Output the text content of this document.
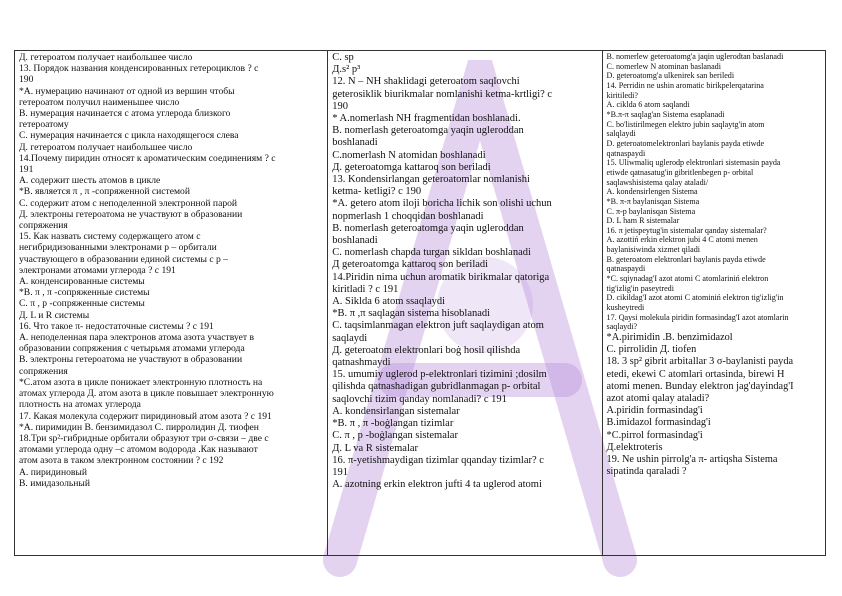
Д. гетероатом получает наибольшее число
13. Порядок названия конденсированных гетероциклов ? с
190
*А. нумерацию начинают от одной из вершин чтобы
гетероатом получил наименьшее число
В. нумерация начинается с атома углерода близкого
гетероатому
С. нумерация начинается с цикла находящегося слева
Д. гетероатом получает наибольшее число
14.Почему пиридин относят к ароматическим соединениям ? с
191
А. содержит шесть атомов в цикле
*В. является π , π -сопряженной системой
С. содержит атом с неподеленной электронной парой
Д. электроны гетероатома не участвуют в образовании
сопряжения
15. Как назвать систему содержащего атом с
негибридизованными электронами р – орбитали
участвующего в образовании единой системы с р –
электронами атомами углерода ? с 191
А. конденсированные системы
*В. π , π -сопряженные системы
С. π , р -сопряженные системы
Д. L и R системы
16. Что такое π- недостаточные системы ? с 191
А. неподеленная пара электронов атома азота участвует в
образовании сопряжения с четырьмя атомами углерода
В. электроны гетероатома не участвуют в образовании
сопряжения
*С.атом азота в цикле понижает электронную плотность на
атомах углерода Д. атом азота в цикле повышает электронную
плотность на атомах углерода
17. Какая молекула содержит пиридиновый атом азота ? с 191
*А. пиримидин В. бензимидазол С. пирролидин Д. тиофен
18.Три sp²-гибридные орбитали образуют три σ-связи – две с
атомами углерода одну –с атомом водорода .Как называют
атом азота в таком электронном состоянии ? с 192
А. пиридиновый
В. имидазольный
C. sp
Д.s² p³
12. N – NH shaklidagi geteroatom saqlovchi
geterosiklik biurikmalar nomlanishi ketma-krtligi? c
190
* A.nomerlash NH fragmentidan boshlanadi.
B. nomerlash geteroatomga yaqin uglerоddan
boshlanadi
C.nomerlash N atomidan boshlanadi
Д. geteroatomga kattaroq son beriladi
13. Kondensirlangan geteroatomlar nomlanishi
ketma- ketligi? c 190
*A. getero atom iloji boricha lichik son olishi uchun
nopmerlash 1 choqqidan boshlanadi
B. nomerlash geteroatomga yaqin uglerоddan
boshlanadi
C. nomerlash chapda turgan sikldan boshlanadi
Д geteroatomga kattaroq son beriladi
14.Piridin nima uchun aromatik birikmalar qatoriga
kiritladi ? c 191
A. Siklda 6 atom ssaqlaydi
*B. π ,π saqlagan sistema hisoblanadi
C. taqsimlanmagan elektron juft saqlaydigan atom
saqlaydi
Д. geteroatom elektronlari boġ hosil qilishda
qatnashmaydi
15. umumiy uglerod p-elektronlari tizimini ;dosilm
qilishda qatnashadigan gubridlanmagan p- orbital
saqlovchi tizim qanday nomlanadi? c 191
A. kondensirlangan sistemalar
*B. π , π -boġlangan tizimlar
C. π , p -boġlangan sistemalar
Д. L va R sistemalar
16. π-yetishmaydigan tizimlar qqanday tizimlar? c
191
A. azotning erkin elektron jufti 4 ta uglerod atomi
B. nomerlew geteroatomg'a jaqin uglerodtan baslanadi
C. nomerlew N atominan baslanadi
D. geteroatomg'a ulkenirek san beriledi
14. Perridin ne ushin aromatic birikpelerqatarina
kiritiledi?
A. ciklda 6 atom saqlandi
*B.π-π saqlag'an Sistema esaplanadi
C. bo'listirilmegen elektro jubin saqlaytg'in atom
salqlaydi
D. geteroatomelektronlari baylanis payda etiwde
qatnaspaydi
15. Uliwmaliq uglerodp elektronlari sistemasin payda
etiwde qatnasatug'in gibritlenbegen p- orbital
saqlawshisistema qalay ataladi/
A. kondensirlengen Sistema
*B. π-π baylanisqan Sistema
C. π-p baylanisqan Sistema
D. L ham R sistemalar
16. π jetispeytug'in sistemalar qanday sistemalar?
A. azottiń erkin elektron jubi 4 C atomi menen
baylanisiwinda xizmet qiladi
B. geteroatom elektronlari baylanis payda etiwde
qatnaspaydi
*C. sqiynadag'I azot atomi C atomlariniń elektron
tig'izlig'in paseytredi
D. cikildag'I azot atomi C atominiń elektron tig'izlig'in
kusheytredi
17. Qaysi molekula piridin formasindag'I azot atomlarin
saqlaydi?
*A.pirimidin .B. benzimidazol
C. pirrolidin Д. tiofen
18. 3 sp² gibrit arbitallar 3 σ-baylanisti payda
etedi, ekewi C atomlari ortasinda, birewi H
atomi menen. Bunday elektron jag'dayindag'I
azot atomi qalay ataladi?
A.piridin formasindag'i
B.imidazol formasindag'i
*C.pirrol formasindag'i
Д.elektroteris
19. Ne ushin pirrolg'a π- artiqsha Sistema
sipatinda qaraladi ?
